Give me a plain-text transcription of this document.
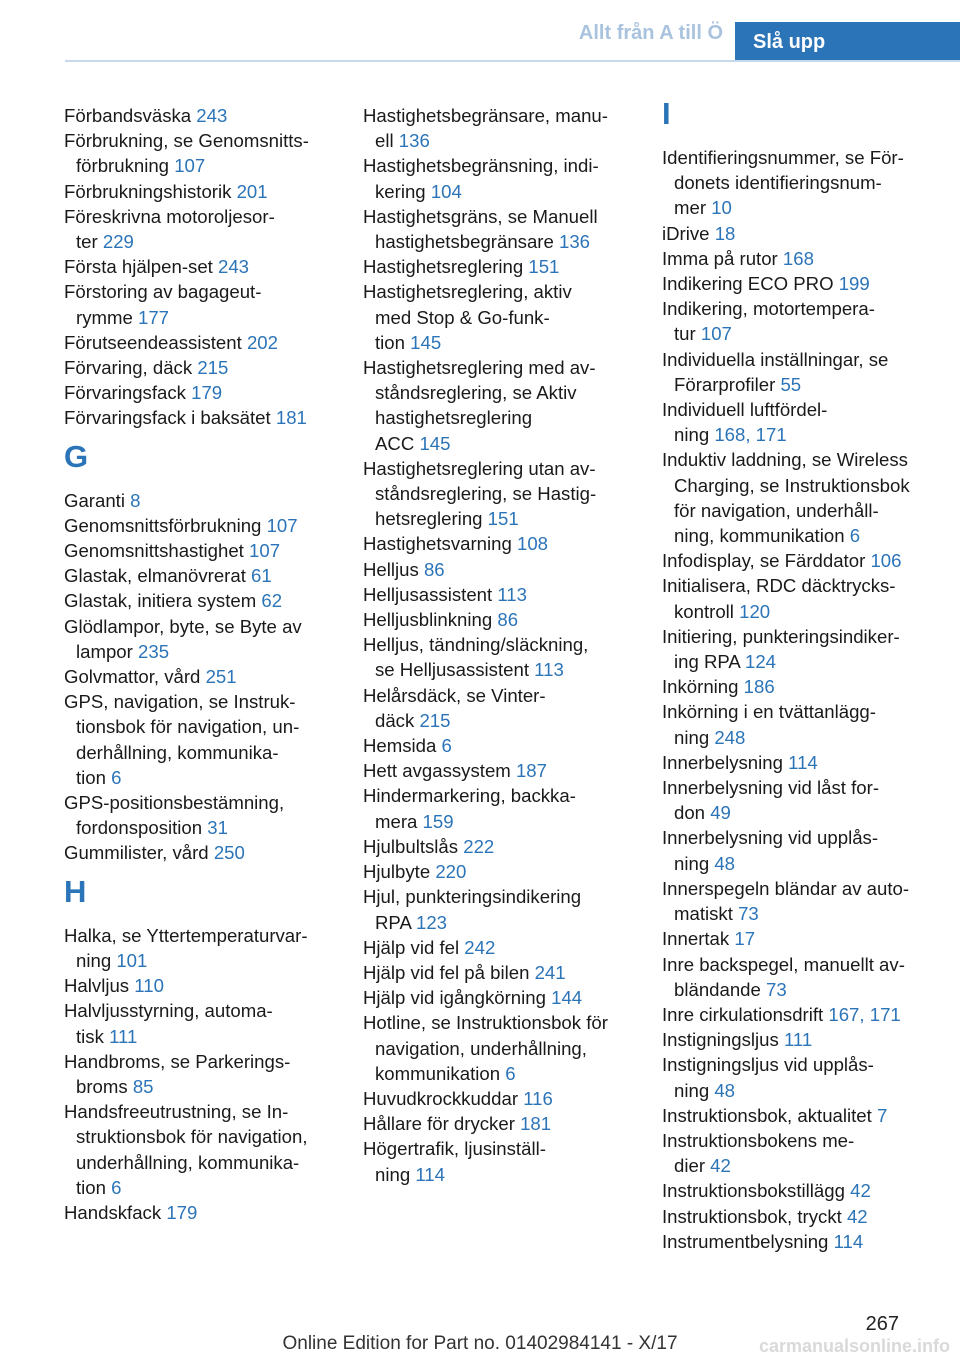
Allt från A till Ö	Slå upp
Förbandsväska 243
Förbrukning, se Genomsnitts-
förbrukning 107
Förbrukningshistorik 201
Föreskrivna motoroljesor-
ter 229
Första hjälpen-set 243
Förstoring av bagageut-
rymme 177
Förutseendeassistent 202
Förvaring, däck 215
Förvaringsfack 179
Förvaringsfack i baksätet 181
G
Garanti 8
Genomsnittsförbrukning 107
Genomsnittshastighet 107
Glastak, elmanövrerat 61
Glastak, initiera system 62
Glödlampor, byte, se Byte av
lampor 235
Golvmattor, vård 251
GPS, navigation, se Instruk-
tionsbok för navigation, un-
derhållning, kommunika-
tion 6
GPS-positionsbestämning,
fordonsposition 31
Gummilister, vård 250
H
Halka, se Yttertemperaturvar-
ning 101
Halvljus 110
Halvljusstyrning, automa-
tisk 111
Handbroms, se Parkerings-
broms 85
Handsfreeutrustning, se In-
struktionsbok för navigation,
underhållning, kommunika-
tion 6
Handskfack 179
Hastighetsbegränsare, manu-
ell 136
Hastighetsbegränsning, indi-
kering 104
Hastighetsgräns, se Manuell
hastighetsbegränsare 136
Hastighetsreglering 151
Hastighetsreglering, aktiv
med Stop & Go-funk-
tion 145
Hastighetsreglering med av-
ståndsreglering, se Aktiv
hastighetsreglering
ACC 145
Hastighetsreglering utan av-
ståndsreglering, se Hastig-
hetsreglering 151
Hastighetsvarning 108
Helljus 86
Helljusassistent 113
Helljusblinkning 86
Helljus, tändning/släckning,
se Helljusassistent 113
Helårsdäck, se Vinter-
däck 215
Hemsida 6
Hett avgassystem 187
Hindermarkering, backka-
mera 159
Hjulbultslås 222
Hjulbyte 220
Hjul, punkteringsindikering
RPA 123
Hjälp vid fel 242
Hjälp vid fel på bilen 241
Hjälp vid igångkörning 144
Hotline, se Instruktionsbok för
navigation, underhållning,
kommunikation 6
Huvudkrockkuddar 116
Hållare för drycker 181
Högertrafik, ljusinställ-
ning 114
I
Identifieringsnummer, se För-
donets identifieringsnum-
mer 10
iDrive 18
Imma på rutor 168
Indikering ECO PRO 199
Indikering, motortempera-
tur 107
Individuella inställningar, se
Förarprofiler 55
Individuell luftfördel-
ning 168, 171
Induktiv laddning, se Wireless
Charging, se Instruktionsbok
för navigation, underhåll-
ning, kommunikation 6
Infodisplay, se Färddator 106
Initialisera, RDC däcktrycks-
kontroll 120
Initiering, punkteringsindiker-
ing RPA 124
Inkörning 186
Inkörning i en tvättanlägg-
ning 248
Innerbelysning 114
Innerbelysning vid låst for-
don 49
Innerbelysning vid upplås-
ning 48
Innerspegeln bländar av auto-
matiskt 73
Innertak 17
Inre backspegel, manuellt av-
bländande 73
Inre cirkulationsdrift 167, 171
Instigningsljus 111
Instigningsljus vid upplås-
ning 48
Instruktionsbok, aktualitet 7
Instruktionsbokens me-
dier 42
Instruktionsbokstillägg 42
Instruktionsbok, tryckt 42
Instrumentbelysning 114
267
Online Edition for Part no. 01402984141 - X/17	carmanualsonline.info
